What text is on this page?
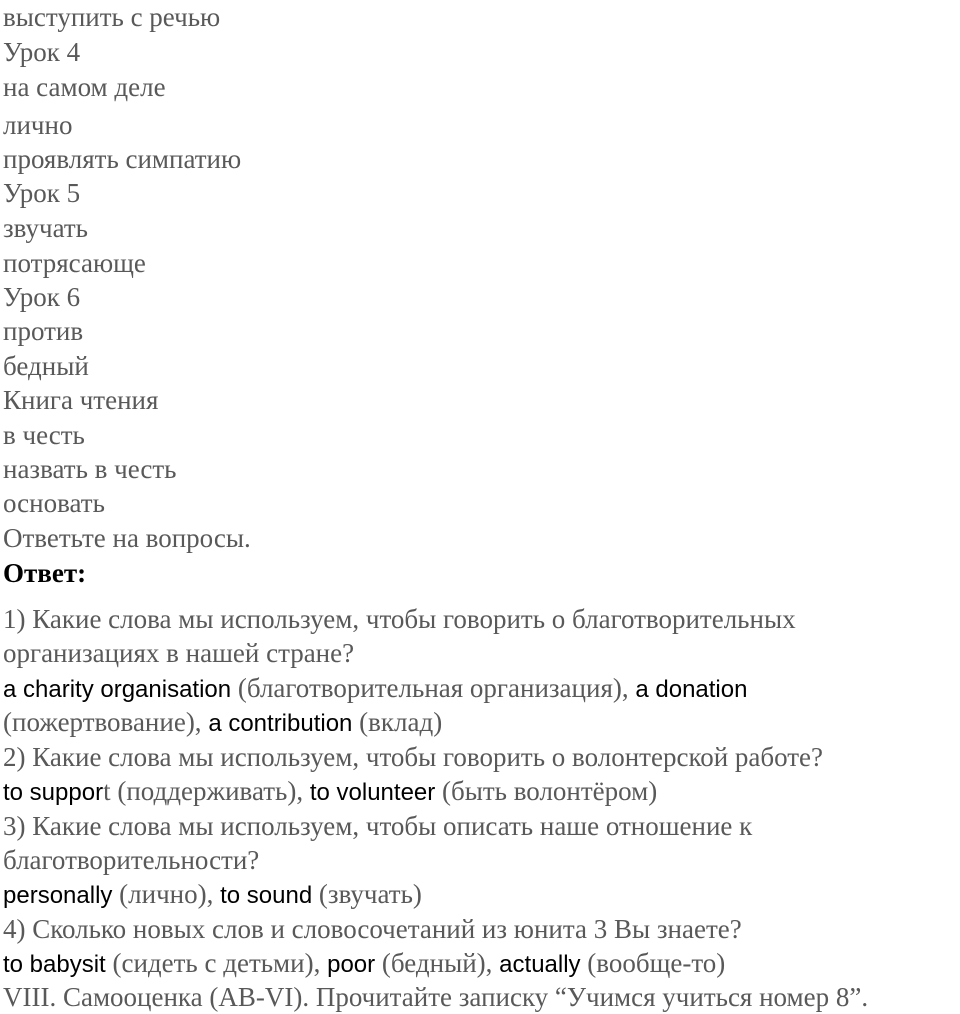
выступить с речью
Урок 4
на самом деле
лично
проявлять симпатию
Урок 5
звучать
потрясающе
Урок 6
против
бедный
Книга чтения
в честь
назвать в честь
основать
Ответьте на вопросы.
Ответ:
1) Какие слова мы используем, чтобы говорить о благотворительных
организациях в нашей стране?
a charity organisation (благотворительная организация), a donation
(пожертвование), a contribution (вклад)
2) Какие слова мы используем, чтобы говорить о волонтерской работе?
to support (поддерживать), to volunteer (быть волонтёром)
3) Какие слова мы используем, чтобы описать наше отношение к
благотворительности?
personally (лично), to sound (звучать)
4) Сколько новых слов и словосочетаний из юнита 3 Вы знаете?
to babysit (сидеть с детьми), poor (бедный), actually (вообще-то)
VIII. Самооценка (AB-VI). Прочитайте записку “Учимся учиться номер 8”.
